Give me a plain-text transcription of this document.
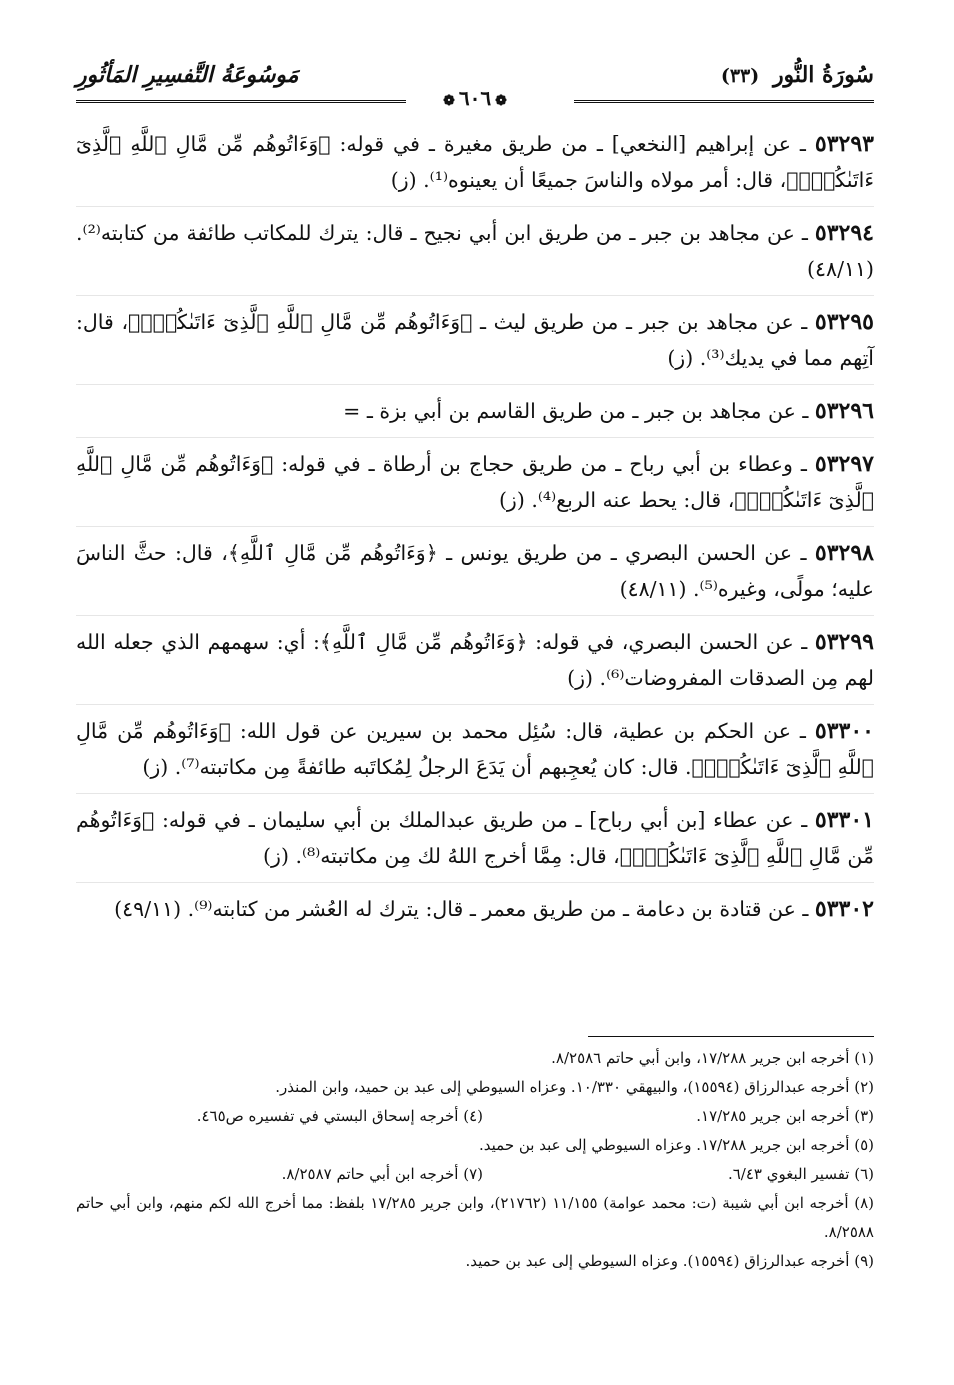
سُورَةُ النُّور (٣٣)
❁٦٠٦❁
مَوسُوعَةُ التَّفسِيرِ المَأثُورِ
٥٣٢٩٣ ـ عن إبراهيم [النخعي] ـ من طريق مغيرة ـ في قوله: ﴿وَءَاتُوهُم مِّن مَّالِ ٱللَّهِ ٱلَّذِىٓ ءَاتَىٰكُمْۚ﴾، قال: أمر مولاه والناسَ جميعًا أن يعينوه⁽¹⁾. (ز)
٥٣٢٩٤ ـ عن مجاهد بن جبر ـ من طريق ابن أبي نجيح ـ قال: يترك للمكاتب طائفة من كتابته⁽²⁾. (٤٨/١١)
٥٣٢٩٥ ـ عن مجاهد بن جبر ـ من طريق ليث ـ ﴿وَءَاتُوهُم مِّن مَّالِ ٱللَّهِ ٱلَّذِىٓ ءَاتَىٰكُمْۚ﴾، قال: آتِهم مما في يديك⁽³⁾. (ز)
٥٣٢٩٦ ـ عن مجاهد بن جبر ـ من طريق القاسم بن أبي بزة ـ =
٥٣٢٩٧ ـ وعطاء بن أبي رباح ـ من طريق حجاج بن أرطاة ـ في قوله: ﴿وَءَاتُوهُم مِّن مَّالِ ٱللَّهِ ٱلَّذِىٓ ءَاتَىٰكُمْۚ﴾، قال: يحط عنه الربع⁽⁴⁾. (ز)
٥٣٢٩٨ ـ عن الحسن البصري ـ من طريق يونس ـ ﴿وَءَاتُوهُم مِّن مَّالِ ٱللَّهِ﴾، قال: حثَّ الناسَ عليه؛ مولًى، وغيره⁽⁵⁾. (٤٨/١١)
٥٣٢٩٩ ـ عن الحسن البصري، في قوله: ﴿وَءَاتُوهُم مِّن مَّالِ ٱللَّهِ﴾: أي: سهمهم الذي جعله الله لهم مِن الصدقات المفروضات⁽⁶⁾. (ز)
٥٣٣٠٠ ـ عن الحكم بن عطية، قال: سُئِل محمد بن سيرين عن قول الله: ﴿وَءَاتُوهُم مِّن مَّالِ ٱللَّهِ ٱلَّذِىٓ ءَاتَىٰكُمْۚ﴾. قال: كان يُعجِبهم أن يَدَعَ الرجلُ لِمُكاتَبه طائفةً مِن مكاتبته⁽⁷⁾. (ز)
٥٣٣٠١ ـ عن عطاء [بن أبي رباح] ـ من طريق عبدالملك بن أبي سليمان ـ في قوله: ﴿وَءَاتُوهُم مِّن مَّالِ ٱللَّهِ ٱلَّذِىٓ ءَاتَىٰكُمْۚ﴾، قال: مِمَّا أخرج اللهُ لك مِن مكاتبته⁽⁸⁾. (ز)
٥٣٣٠٢ ـ عن قتادة بن دعامة ـ من طريق معمر ـ قال: يترك له العُشر من كتابته⁽⁹⁾. (٤٩/١١)
(١) أخرجه ابن جرير ١٧/٢٨٨، وابن أبي حاتم ٨/٢٥٨٦.
(٢) أخرجه عبدالرزاق (١٥٥٩٤)، والبيهقي ١٠/٣٣٠. وعزاه السيوطي إلى عبد بن حميد، وابن المنذر.
(٣) أخرجه ابن جرير ١٧/٢٨٥.(٤) أخرجه إسحاق البستي في تفسيره ص٤٦٥.
(٥) أخرجه ابن جرير ١٧/٢٨٨. وعزاه السيوطي إلى عبد بن حميد.
(٦) تفسير البغوي ٦/٤٣.(٧) أخرجه ابن أبي حاتم ٨/٢٥٨٧.
(٨) أخرجه ابن أبي شيبة (ت: محمد عوامة) ١١/١٥٥ (٢١٧٦٢)، وابن جرير ١٧/٢٨٥ بلفظ: مما أخرج الله لكم منهم، وابن أبي حاتم ٨/٢٥٨٨.
(٩) أخرجه عبدالرزاق (١٥٥٩٤). وعزاه السيوطي إلى عبد بن حميد.
